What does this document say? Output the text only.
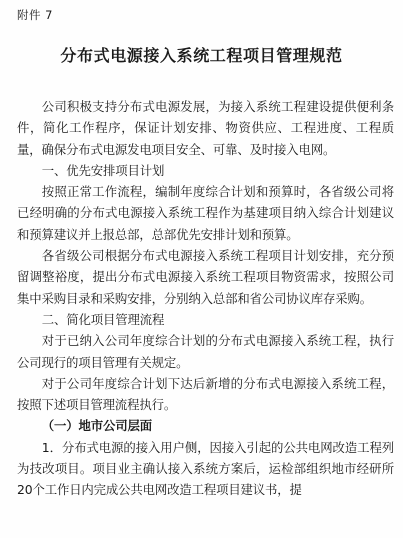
附件 7
分布式电源接入系统工程项目管理规范

公司积极支持分布式电源发展，为接入系统工程建设提供便利条件，简化工作程序，保证计划安排、物资供应、工程进度、工程质量，确保分布式电源发电项目安全、可靠、及时接入电网。

一、优先安排项目计划

按照正常工作流程，编制年度综合计划和预算时，各省级公司将已经明确的分布式电源接入系统工程作为基建项目纳入综合计划建议和预算建议并上报总部，总部优先安排计划和预算。

各省级公司根据分布式电源接入系统工程项目计划安排，充分预留调整裕度，提出分布式电源接入系统工程项目物资需求，按照公司集中采购目录和采购安排，分别纳入总部和省公司协议库存采购。

二、简化项目管理流程

对于已纳入公司年度综合计划的分布式电源接入系统工程，执行公司现行的项目管理有关规定。

对于公司年度综合计划下达后新增的分布式电源接入系统工程，按照下述项目管理流程执行。

（一）地市公司层面

1．分布式电源的接入用户侧，因接入引起的公共电网改造工程列为技改项目。项目业主确认接入系统方案后，运检部组织地市经研所20个工作日内完成公共电网改造工程项目建议书，提
